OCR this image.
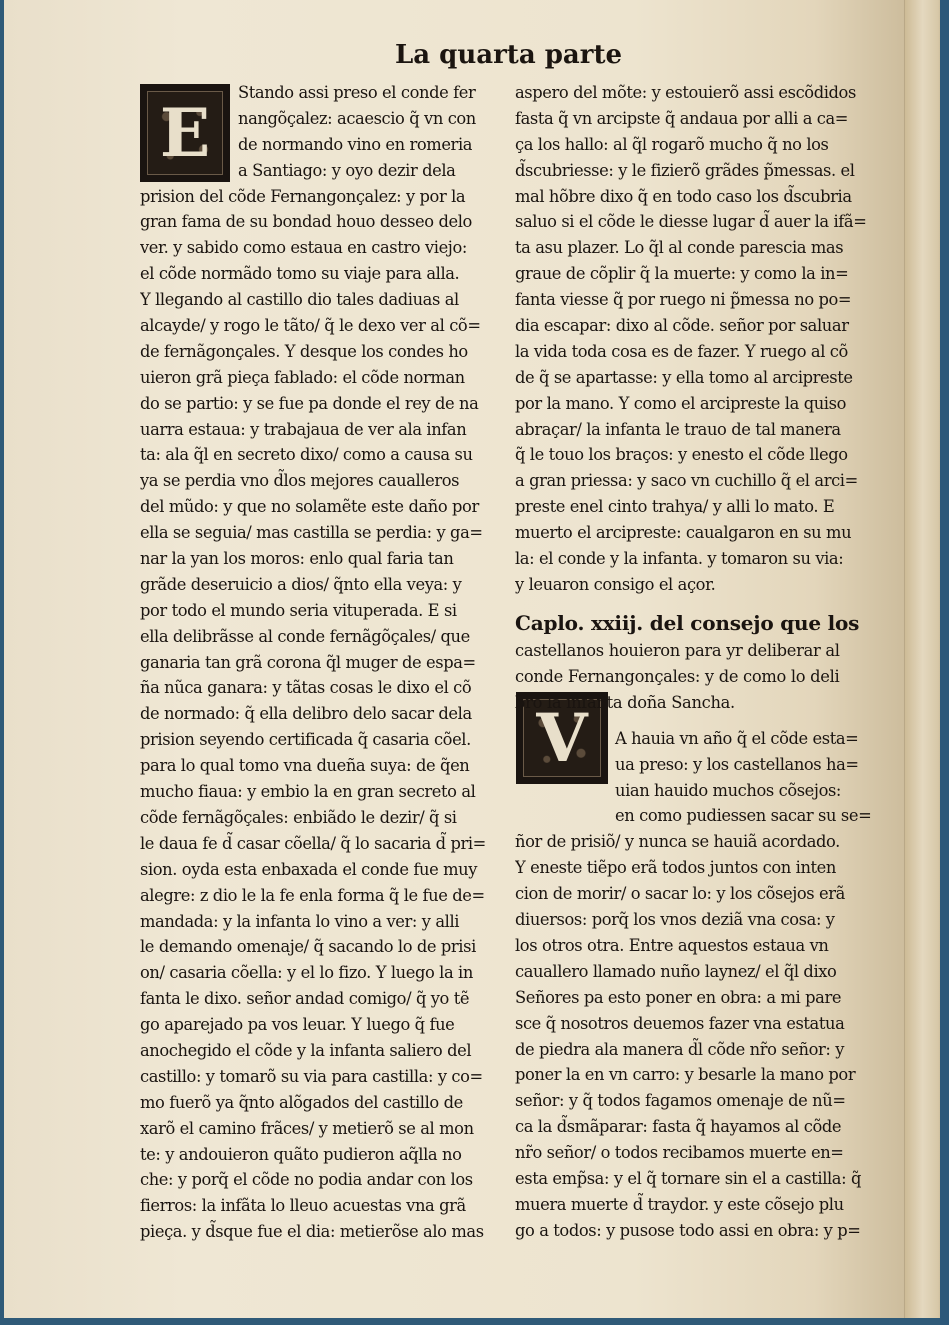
La quarta parte
E
Stando assi preso el conde fer
nangõçalez: acaescio q̃ vn con
de normando vino en romeria
a Santiago: y oyo dezir dela
prision del cõde Fernangonçalez: y por la
gran fama de su bondad houo desseo delo
ver. y sabido como estaua en castro viejo:
el cõde normãdo tomo su viaje para alla.
Y llegando al castillo dio tales dadiuas al
alcayde/ y rogo le tãto/ q̃ le dexo ver al cõ=
de fernãgonçales. Y desque los condes ho
uieron grã pieça fablado: el cõde norman
do se partio: y se fue pa donde el rey de na
uarra estaua: y trabajaua de ver ala infan
ta: ala q̃l en secreto dixo/ como a causa su
ya se perdia vno d̃los mejores caualleros
del mũdo: y que no solamẽte este daño por
ella se seguia/ mas castilla se perdia: y ga=
nar la yan los moros: enlo qual faria tan
grãde deseruicio a dios/ q̃nto ella veya: y
por todo el mundo seria vituperada. E si
ella delibrãsse al conde fernãgõçales/ que
ganaria tan grã corona q̃l muger de espa=
ña nũca ganara: y tãtas cosas le dixo el cõ
de normado: q̃ ella delibro delo sacar dela
prision seyendo certificada q̃ casaria cõel.
para lo qual tomo vna dueña suya: de q̃en
mucho fiaua: y embio la en gran secreto al
cõde fernãgõçales: enbiãdo le dezir/ q̃ si
le daua fe d̃ casar cõella/ q̃ lo sacaria d̃ pri=
sion. oyda esta enbaxada el conde fue muy
alegre: z dio le la fe enla forma q̃ le fue de=
mandada: y la infanta lo vino a ver: y alli
le demando omenaje/ q̃ sacando lo de prisi
on/ casaria cõella: y el lo fizo. Y luego la in
fanta le dixo. señor andad comigo/ q̃ yo tẽ
go aparejado pa vos leuar. Y luego q̃ fue
anochegido el cõde y la infanta saliero del
castillo: y tomarõ su via para castilla: y co=
mo fuerõ ya q̃nto alõgados del castillo de
xarõ el camino frãces/ y metierõ se al mon
te: y andouieron quãto pudieron aq̃lla no
che: y porq̃ el cõde no podia andar con los
fierros: la infãta lo lleuo acuestas vna grã
pieça. y d̃sque fue el dia: metierõse alo mas
V
aspero del mõte: y estouierõ assi escõdidos
fasta q̃ vn arcipste q̃ andaua por alli a ca=
ça los hallo: al q̃l rogarõ mucho q̃ no los
d̃scubriesse: y le fizierõ grãdes p̃messas. el
mal hõbre dixo q̃ en todo caso los d̃scubria
saluo si el cõde le diesse lugar d̃ auer la ifã=
ta asu plazer. Lo q̃l al conde parescia mas
graue de cõplir q̃ la muerte: y como la in=
fanta viesse q̃ por ruego ni p̃messa no po=
dia escapar: dixo al cõde. señor por saluar
la vida toda cosa es de fazer. Y ruego al cõ
de q̃ se apartasse: y ella tomo al arcipreste
por la mano. Y como el arcipreste la quiso
abraçar/ la infanta le trauo de tal manera
q̃ le touo los braços: y enesto el cõde llego
a gran priessa: y saco vn cuchillo q̃ el arci=
preste enel cinto trahya/ y alli lo mato. E
muerto el arcipreste: caualgaron en su mu
la: el conde y la infanta. y tomaron su via:
y leuaron consigo el açor.
Caplo. xxiij. del consejo que los
castellanos houieron para yr deliberar al
conde Fernangonçales: y de como lo deli
bro la infanta doña Sancha.
A hauia vn año q̃ el cõde esta=
ua preso: y los castellanos ha=
uian hauido muchos cõsejos:
en como pudiessen sacar su se=
ñor de prisiõ/ y nunca se hauiã acordado.
Y eneste tiẽpo erã todos juntos con inten
cion de morir/ o sacar lo: y los cõsejos erã
diuersos: porq̃ los vnos deziã vna cosa: y
los otros otra. Entre aquestos estaua vn
cauallero llamado nuño laynez/ el q̃l dixo
Señores pa esto poner en obra: a mi pare
sce q̃ nosotros deuemos fazer vna estatua
de piedra ala manera d̃l cõde nr̃o señor: y
poner la en vn carro: y besarle la mano por
señor: y q̃ todos fagamos omenaje de nũ=
ca la d̃smãparar: fasta q̃ hayamos al cõde
nr̃o señor/ o todos recibamos muerte en=
esta emp̃sa: y el q̃ tornare sin el a castilla: q̃
muera muerte d̃ traydor. y este cõsejo plu
go a todos: y pusose todo assi en obra: y p=
